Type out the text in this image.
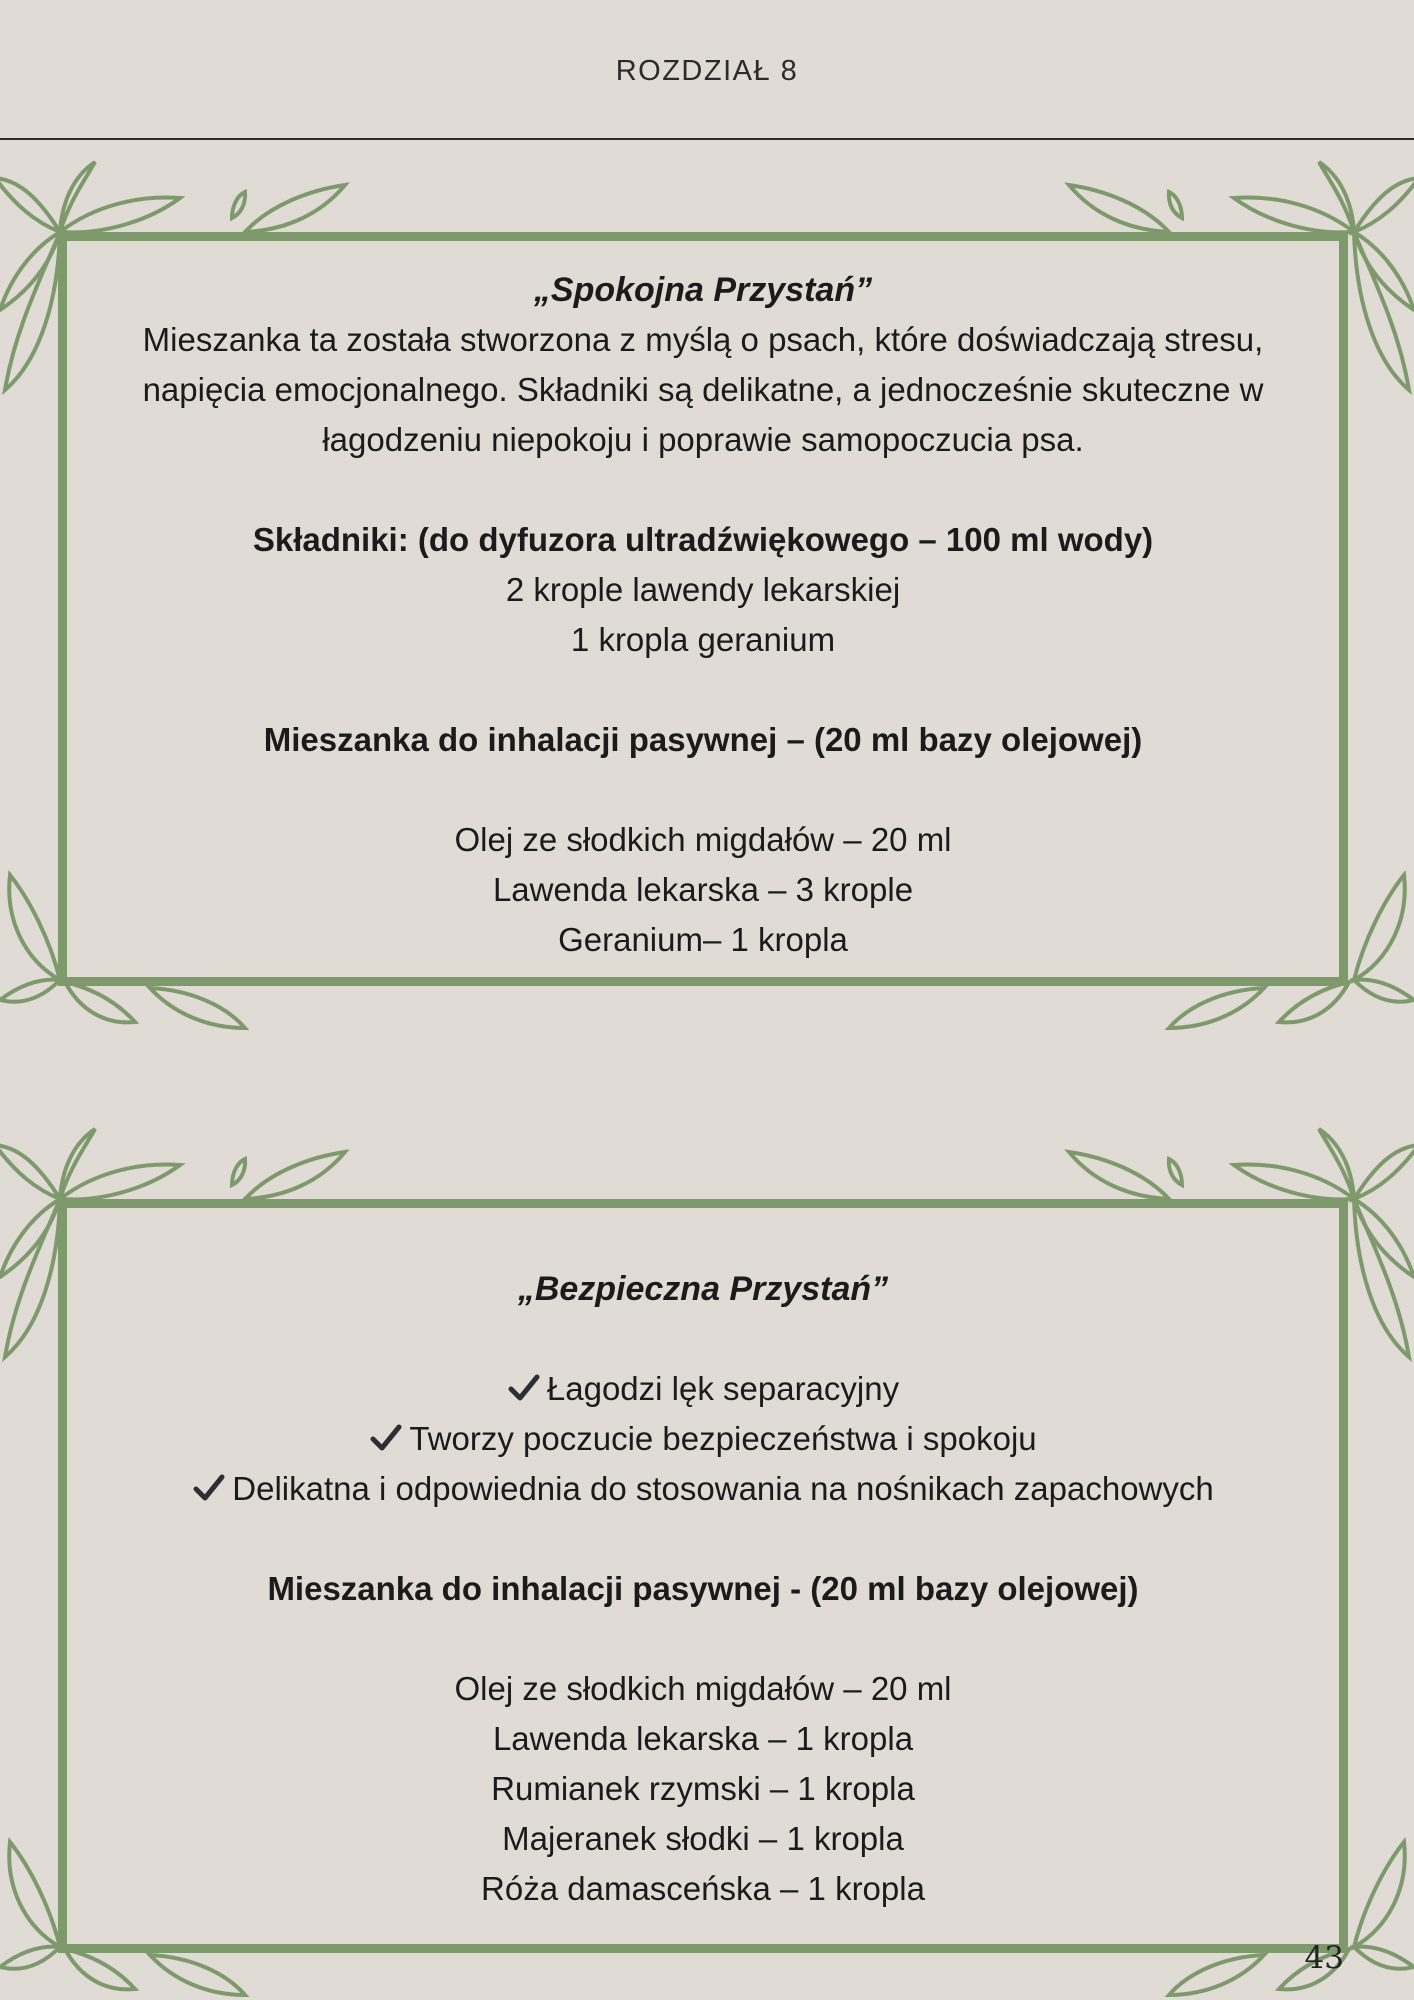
ROZDZIAŁ 8
„Spokojna Przystań”
Mieszanka ta została stworzona z myślą o psach, które doświadczają stresu,
napięcia emocjonalnego. Składniki są delikatne, a jednocześnie skuteczne w
łagodzeniu niepokoju i poprawie samopoczucia psa.
Składniki: (do dyfuzora ultradźwiękowego – 100 ml wody)
2 krople lawendy lekarskiej
1 kropla geranium
Mieszanka do inhalacji pasywnej – (20 ml bazy olejowej)
Olej ze słodkich migdałów – 20 ml
Lawenda lekarska – 3 krople
Geranium– 1 kropla
„Bezpieczna Przystań”
Łagodzi lęk separacyjny
Tworzy poczucie bezpieczeństwa i spokoju
Delikatna i odpowiednia do stosowania na nośnikach zapachowych
Mieszanka do inhalacji pasywnej - (20 ml bazy olejowej)
Olej ze słodkich migdałów – 20 ml
Lawenda lekarska – 1 kropla
Rumianek rzymski – 1 kropla
Majeranek słodki – 1 kropla
Róża damasceńska – 1 kropla
43
